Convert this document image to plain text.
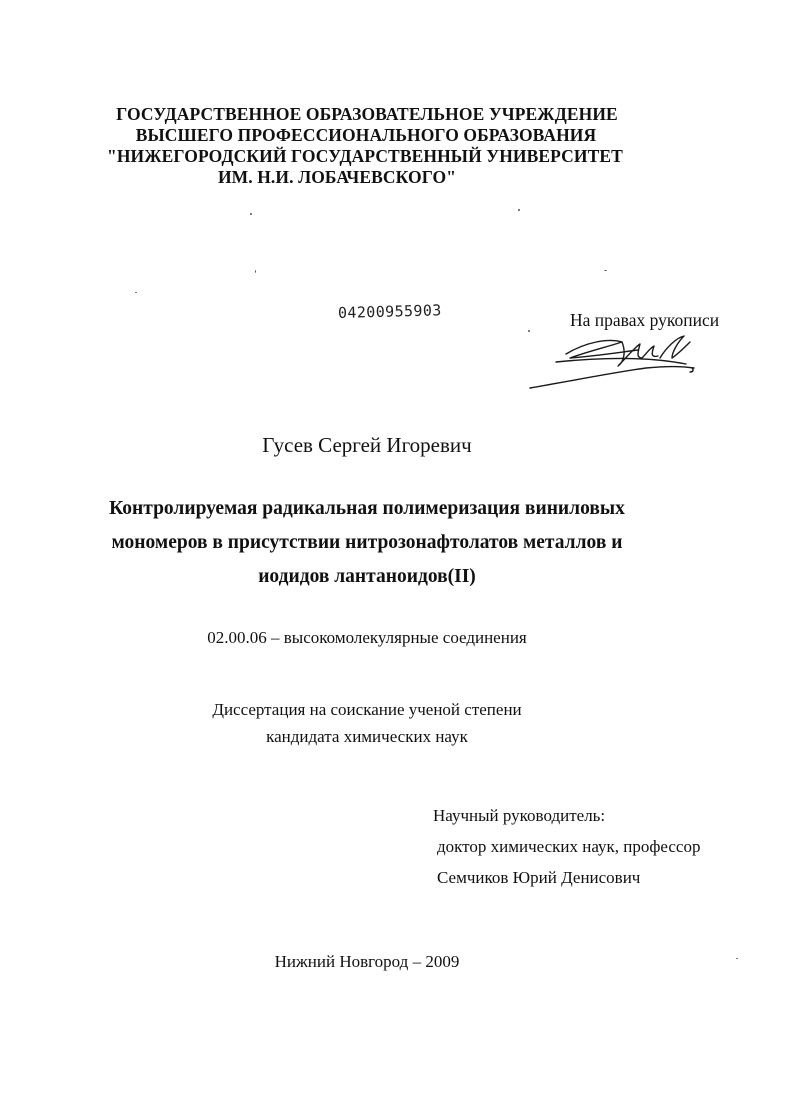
ГОСУДАРСТВЕННОЕ ОБРАЗОВАТЕЛЬНОЕ УЧРЕЖДЕНИЕ
ВЫСШЕГО ПРОФЕССИОНАЛЬНОГО ОБРАЗОВАНИЯ
"НИЖЕГОРОДСКИЙ ГОСУДАРСТВЕННЫЙ УНИВЕРСИТЕТ
ИМ. Н.И. ЛОБАЧЕВСКОГО"
04200955903	На правах рукописи
Гусев Сергей Игоревич
Контролируемая радикальная полимеризация виниловых
мономеров в присутствии нитрозонафтолатов металлов и
иодидов лантаноидов(II)
02.00.06 – высокомолекулярные соединения
Диссертация на соискание ученой степени
кандидата химических наук
Научный руководитель:
доктор химических наук, профессор
Семчиков Юрий Денисович
Нижний Новгород – 2009
